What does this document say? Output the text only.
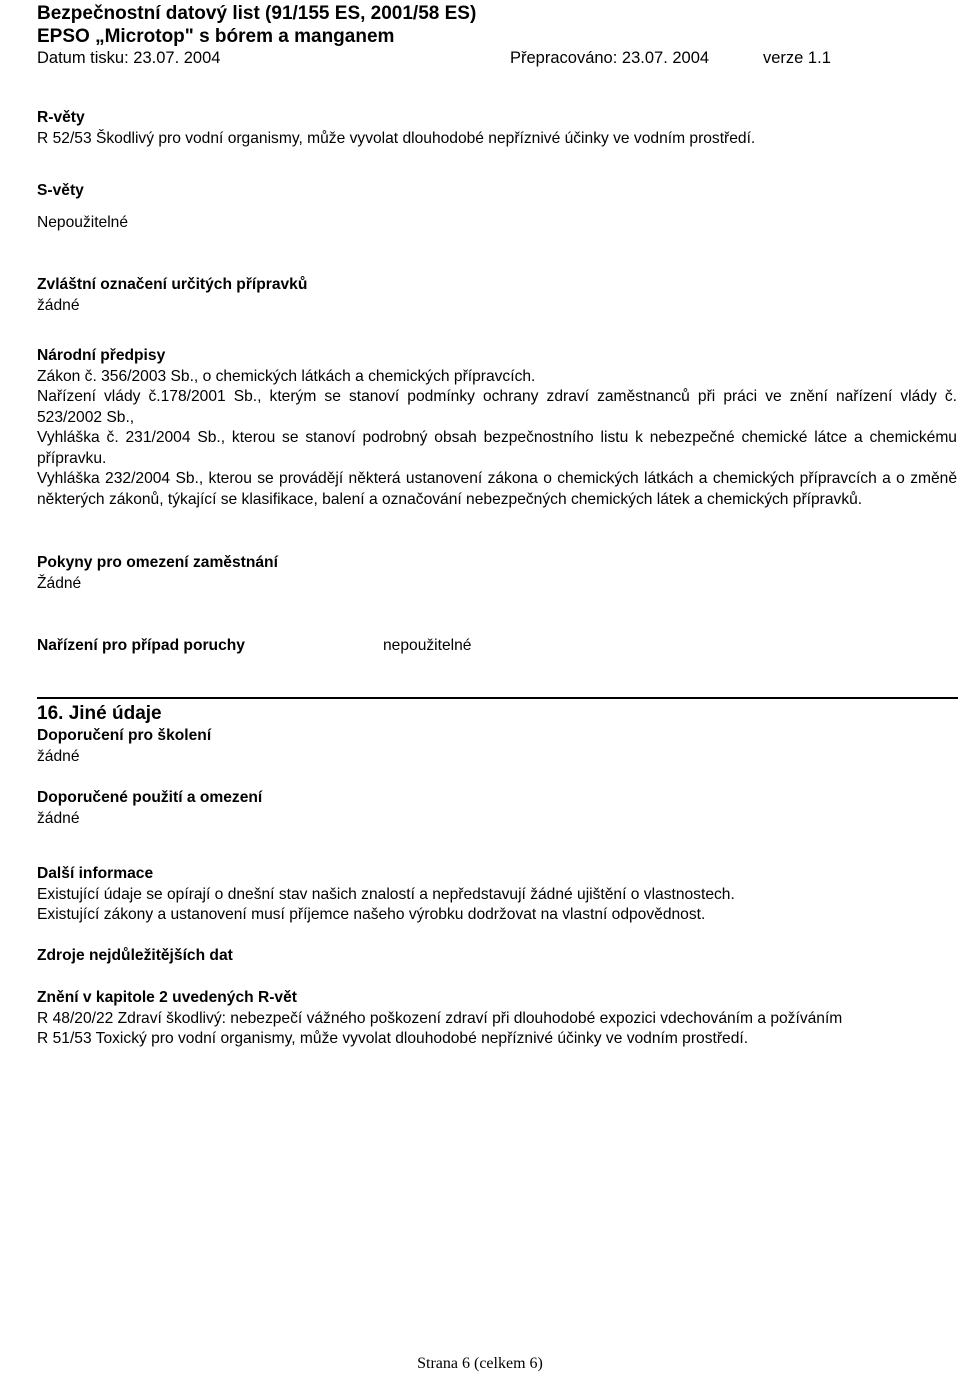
Bezpečnostní datový list (91/155 ES, 2001/58 ES)
EPSO „Microtop" s bórem a manganem
Datum tisku: 23.07. 2004	Přepracováno: 23.07. 2004	verze 1.1
R-věty
R 52/53 Škodlivý pro vodní organismy, může vyvolat dlouhodobé nepříznivé účinky ve vodním prostředí.
S-věty
Nepoužitelné
Zvláštní označení určitých přípravků
žádné
Národní předpisy

Zákon č. 356/2003 Sb., o chemických látkách a chemických přípravcích.

Nařízení vlády č.178/2001 Sb., kterým se stanoví podmínky ochrany zdraví zaměstnanců při práci ve znění nařízení vlády č. 523/2002 Sb.,

Vyhláška č. 231/2004 Sb., kterou se stanoví podrobný obsah bezpečnostního listu k nebezpečné chemické látce a chemickému přípravku.

Vyhláška 232/2004 Sb., kterou se provádějí některá ustanovení zákona o chemických látkách a chemických přípravcích a o změně některých zákonů, týkající se klasifikace, balení a označování nebezpečných chemických látek a chemických přípravků.

Pokyny pro omezení zaměstnání
Žádné
Nařízení pro případ poruchy	nepoužitelné
16. Jiné údaje
Doporučení pro školení
žádné
Doporučené použití a omezení
žádné
Další informace
Existující údaje se opírají o dnešní stav našich znalostí a nepředstavují žádné ujištění o vlastnostech.
Existující zákony a ustanovení musí příjemce našeho výrobku dodržovat na vlastní odpovědnost.
Zdroje nejdůležitějších dat
Znění v kapitole 2 uvedených R-vět
R 48/20/22 Zdraví škodlivý: nebezpečí vážného poškození zdraví při dlouhodobé expozici vdechováním a požíváním
R 51/53 Toxický pro vodní organismy, může vyvolat dlouhodobé nepříznivé účinky ve vodním prostředí.
Strana 6 (celkem 6)
